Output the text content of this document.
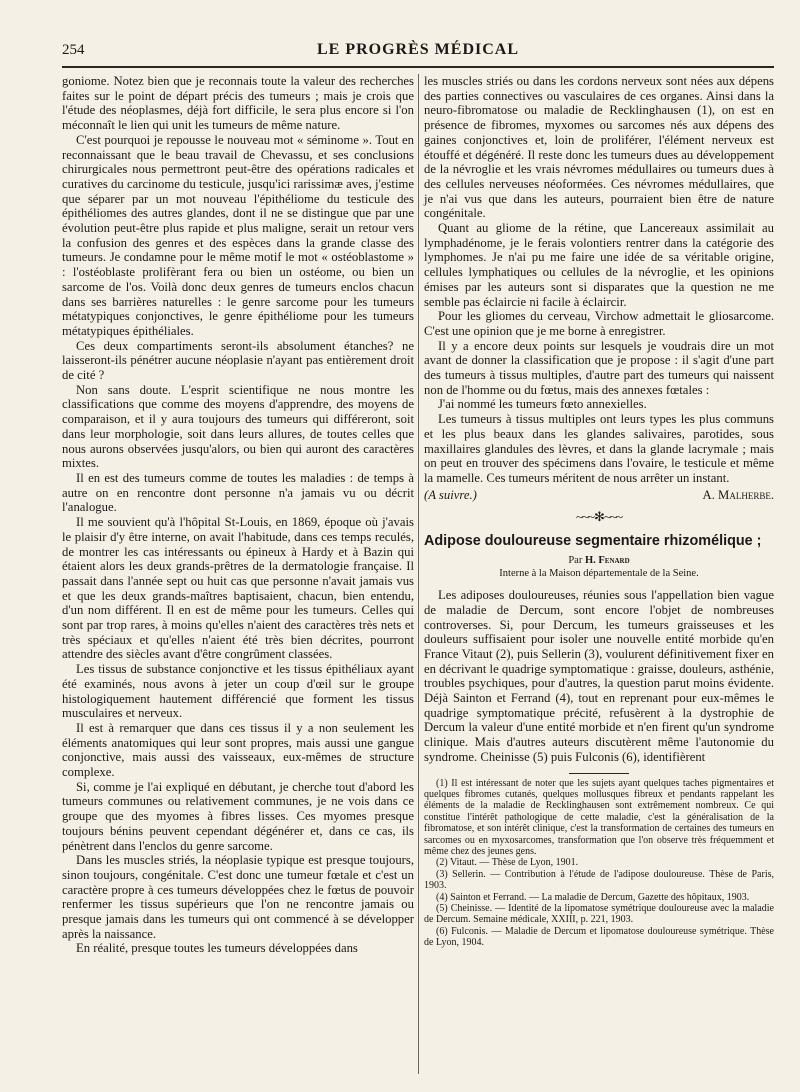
254	LE PROGRÈS MÉDICAL

goniome. Notez bien que je reconnais toute la valeur des recherches faites sur le point de départ précis des tumeurs ; mais je crois que l'étude des néoplasmes, déjà fort difficile, le sera plus encore si l'on méconnaît le lien qui unit les tumeurs de même nature.

C'est pourquoi je repousse le nouveau mot « séminome ». Tout en reconnaissant que le beau travail de Chevassu, et ses conclusions chirurgicales nous permettront peut-être des opérations radicales et curatives du carcinome du testicule, jusqu'ici rarissimæ aves, j'estime que séparer par un mot nouveau l'épithéliome du testicule des épithéliomes des autres glandes, dont il ne se distingue que par une évolution peut-être plus rapide et plus maligne, serait un retour vers la confusion des genres et des espèces dans la grande classe des tumeurs. Je condamne pour le même motif le mot « ostéoblastome » : l'ostéoblaste prolifèrant fera ou bien un ostéome, ou bien un sarcome de l'os. Voilà donc deux genres de tumeurs enclos chacun dans ses barrières naturelles : le genre sarcome pour les tumeurs métatypiques conjonctives, le genre épithéliome pour les tumeurs métatypiques épithéliales.

Ces deux compartiments seront-ils absolument étanches? ne laisseront-ils pénétrer aucune néoplasie n'ayant pas entièrement droit de cité ?

Non sans doute. L'esprit scientifique ne nous montre les classifications que comme des moyens d'apprendre, des moyens de comparaison, et il y aura toujours des tumeurs qui différeront, soit dans leur morphologie, soit dans leurs allures, de toutes celles que nous aurons observées jusqu'alors, ou bien qui auront des caractères mixtes.

Il en est des tumeurs comme de toutes les maladies : de temps à autre on en rencontre dont personne n'a jamais vu ou décrit l'analogue.

Il me souvient qu'à l'hôpital St-Louis, en 1869, époque où j'avais le plaisir d'y être interne, on avait l'habitude, dans ces temps reculés, de montrer les cas intéressants ou épineux à Hardy et à Bazin qui étaient alors les deux grands-prêtres de la dermatologie française. Il passait dans l'année sept ou huit cas que personne n'avait jamais vus et que les deux grands-maîtres baptisaient, chacun, bien entendu, d'un nom différent. Il en est de même pour les tumeurs. Celles qui sont par trop rares, à moins qu'elles n'aient des caractères très nets et très spéciaux et qu'elles n'aient été très bien décrites, pourront attendre des siècles avant d'être congrûment classées.

Les tissus de substance conjonctive et les tissus épithéliaux ayant été examinés, nous avons à jeter un coup d'œil sur le groupe histologiquement hautement différencié que forment les tissus musculaires et nerveux.

Il est à remarquer que dans ces tissus il y a non seulement les éléments anatomiques qui leur sont propres, mais aussi une gangue conjonctive, mais aussi des vaisseaux, eux-mêmes de structure complexe.

Si, comme je l'ai expliqué en débutant, je cherche tout d'abord les tumeurs communes ou relativement communes, je ne vois dans ce groupe que des myomes à fibres lisses. Ces myomes presque toujours bénins peuvent cependant dégénérer et, dans ce cas, ils pénètrent dans l'enclos du genre sarcome.

Dans les muscles striés, la néoplasie typique est presque toujours, sinon toujours, congénitale. C'est donc une tumeur fœtale et c'est un caractère propre à ces tumeurs développées chez le fœtus de pouvoir renfermer les tissus supérieurs que l'on ne rencontre jamais ou presque jamais dans les tumeurs qui ont commencé à se développer après la naissance.

En réalité, presque toutes les tumeurs développées dans

les muscles striés ou dans les cordons nerveux sont nées aux dépens des parties connectives ou vasculaires de ces organes. Ainsi dans la neuro-fibromatose ou maladie de Recklinghausen (1), on est en présence de fibromes, myxomes ou sarcomes nés aux dépens des gaines conjonctives et, loin de proliférer, l'élément nerveux est étouffé et dégénéré. Il reste donc les tumeurs dues au développement de la névroglie et les vrais névromes médullaires ou tumeurs dues à des cellules nerveuses néoformées. Ces névromes médullaires, que je n'ai vus que dans les auteurs, pourraient bien être de nature congénitale.

Quant au gliome de la rétine, que Lancereaux assimilait au lymphadénome, je le ferais volontiers rentrer dans la catégorie des lymphomes. Je n'ai pu me faire une idée de sa véritable origine, cellules lymphatiques ou cellules de la névroglie, et les opinions émises par les auteurs sont si disparates que la question ne me semble pas éclaircie ni facile à éclaircir.

Pour les gliomes du cerveau, Virchow admettait le gliosarcome. C'est une opinion que je me borne à enregistrer.

Il y a encore deux points sur lesquels je voudrais dire un mot avant de donner la classification que je propose : il s'agit d'une part des tumeurs à tissus multiples, d'autre part des tumeurs qui naissent non de l'homme ou du fœtus, mais des annexes fœtales :

J'ai nommé les tumeurs fœto annexielles.

Les tumeurs à tissus multiples ont leurs types les plus communs et les plus beaux dans les glandes salivaires, parotides, sous maxillaires glandules des lèvres, et dans la glande lacrymale ; mais on peut en trouver des spécimens dans l'ovaire, le testicule et même la mamelle. Ces tumeurs méritent de nous arrêter un instant.

(A suivre.)	A. Malherbe.
~~~✻~~~
Adipose douloureuse segmentaire rhizomélique ;
Par H. Fenard
Interne à la Maison départementale de la Seine.

Les adiposes douloureuses, réunies sous l'appellation bien vague de maladie de Dercum, sont encore l'objet de nombreuses controverses. Si, pour Dercum, les tumeurs graisseuses et les douleurs suffisaient pour isoler une nouvelle entité morbide qu'en France Vitaut (2), puis Sellerin (3), voulurent définitivement fixer en en décrivant le quadrige symptomatique : graisse, douleurs, asthénie, troubles psychiques, pour d'autres, la question parut moins évidente. Déjà Sainton et Ferrand (4), tout en reprenant pour eux-mêmes le quadrige symptomatique précité, refusèrent à la dystrophie de Dercum la valeur d'une entité morbide et n'en firent qu'un syndrome clinique. Mais d'autres auteurs discutèrent même l'autonomie du syndrome. Cheinisse (5) puis Fulconis (6), identifièrent

(1) Il est intéressant de noter que les sujets ayant quelques taches pigmentaires et quelques fibromes cutanés, quelques mollusques fibreux et pendants rappelant les éléments de la maladie de Recklinghausen sont extrêmement nombreux. Ce qui constitue l'intérêt pathologique de cette maladie, c'est la généralisation de la fibromatose, et son intérêt clinique, c'est la transformation de certaines des tumeurs en sarcomes ou en myxosarcomes, transformation que l'on observe très fréquemment et même chez des jeunes gens.

(2) Vitaut. — Thèse de Lyon, 1901.

(3) Sellerin. — Contribution à l'étude de l'adipose douloureuse. Thèse de Paris, 1903.

(4) Sainton et Ferrand. — La maladie de Dercum, Gazette des hôpitaux, 1903.

(5) Cheinisse. — Identité de la lipomatose symétrique douloureuse avec la maladie de Dercum. Semaine médicale, XXIII, p. 221, 1903.

(6) Fulconis. — Maladie de Dercum et lipomatose douloureuse symétrique. Thèse de Lyon, 1904.
